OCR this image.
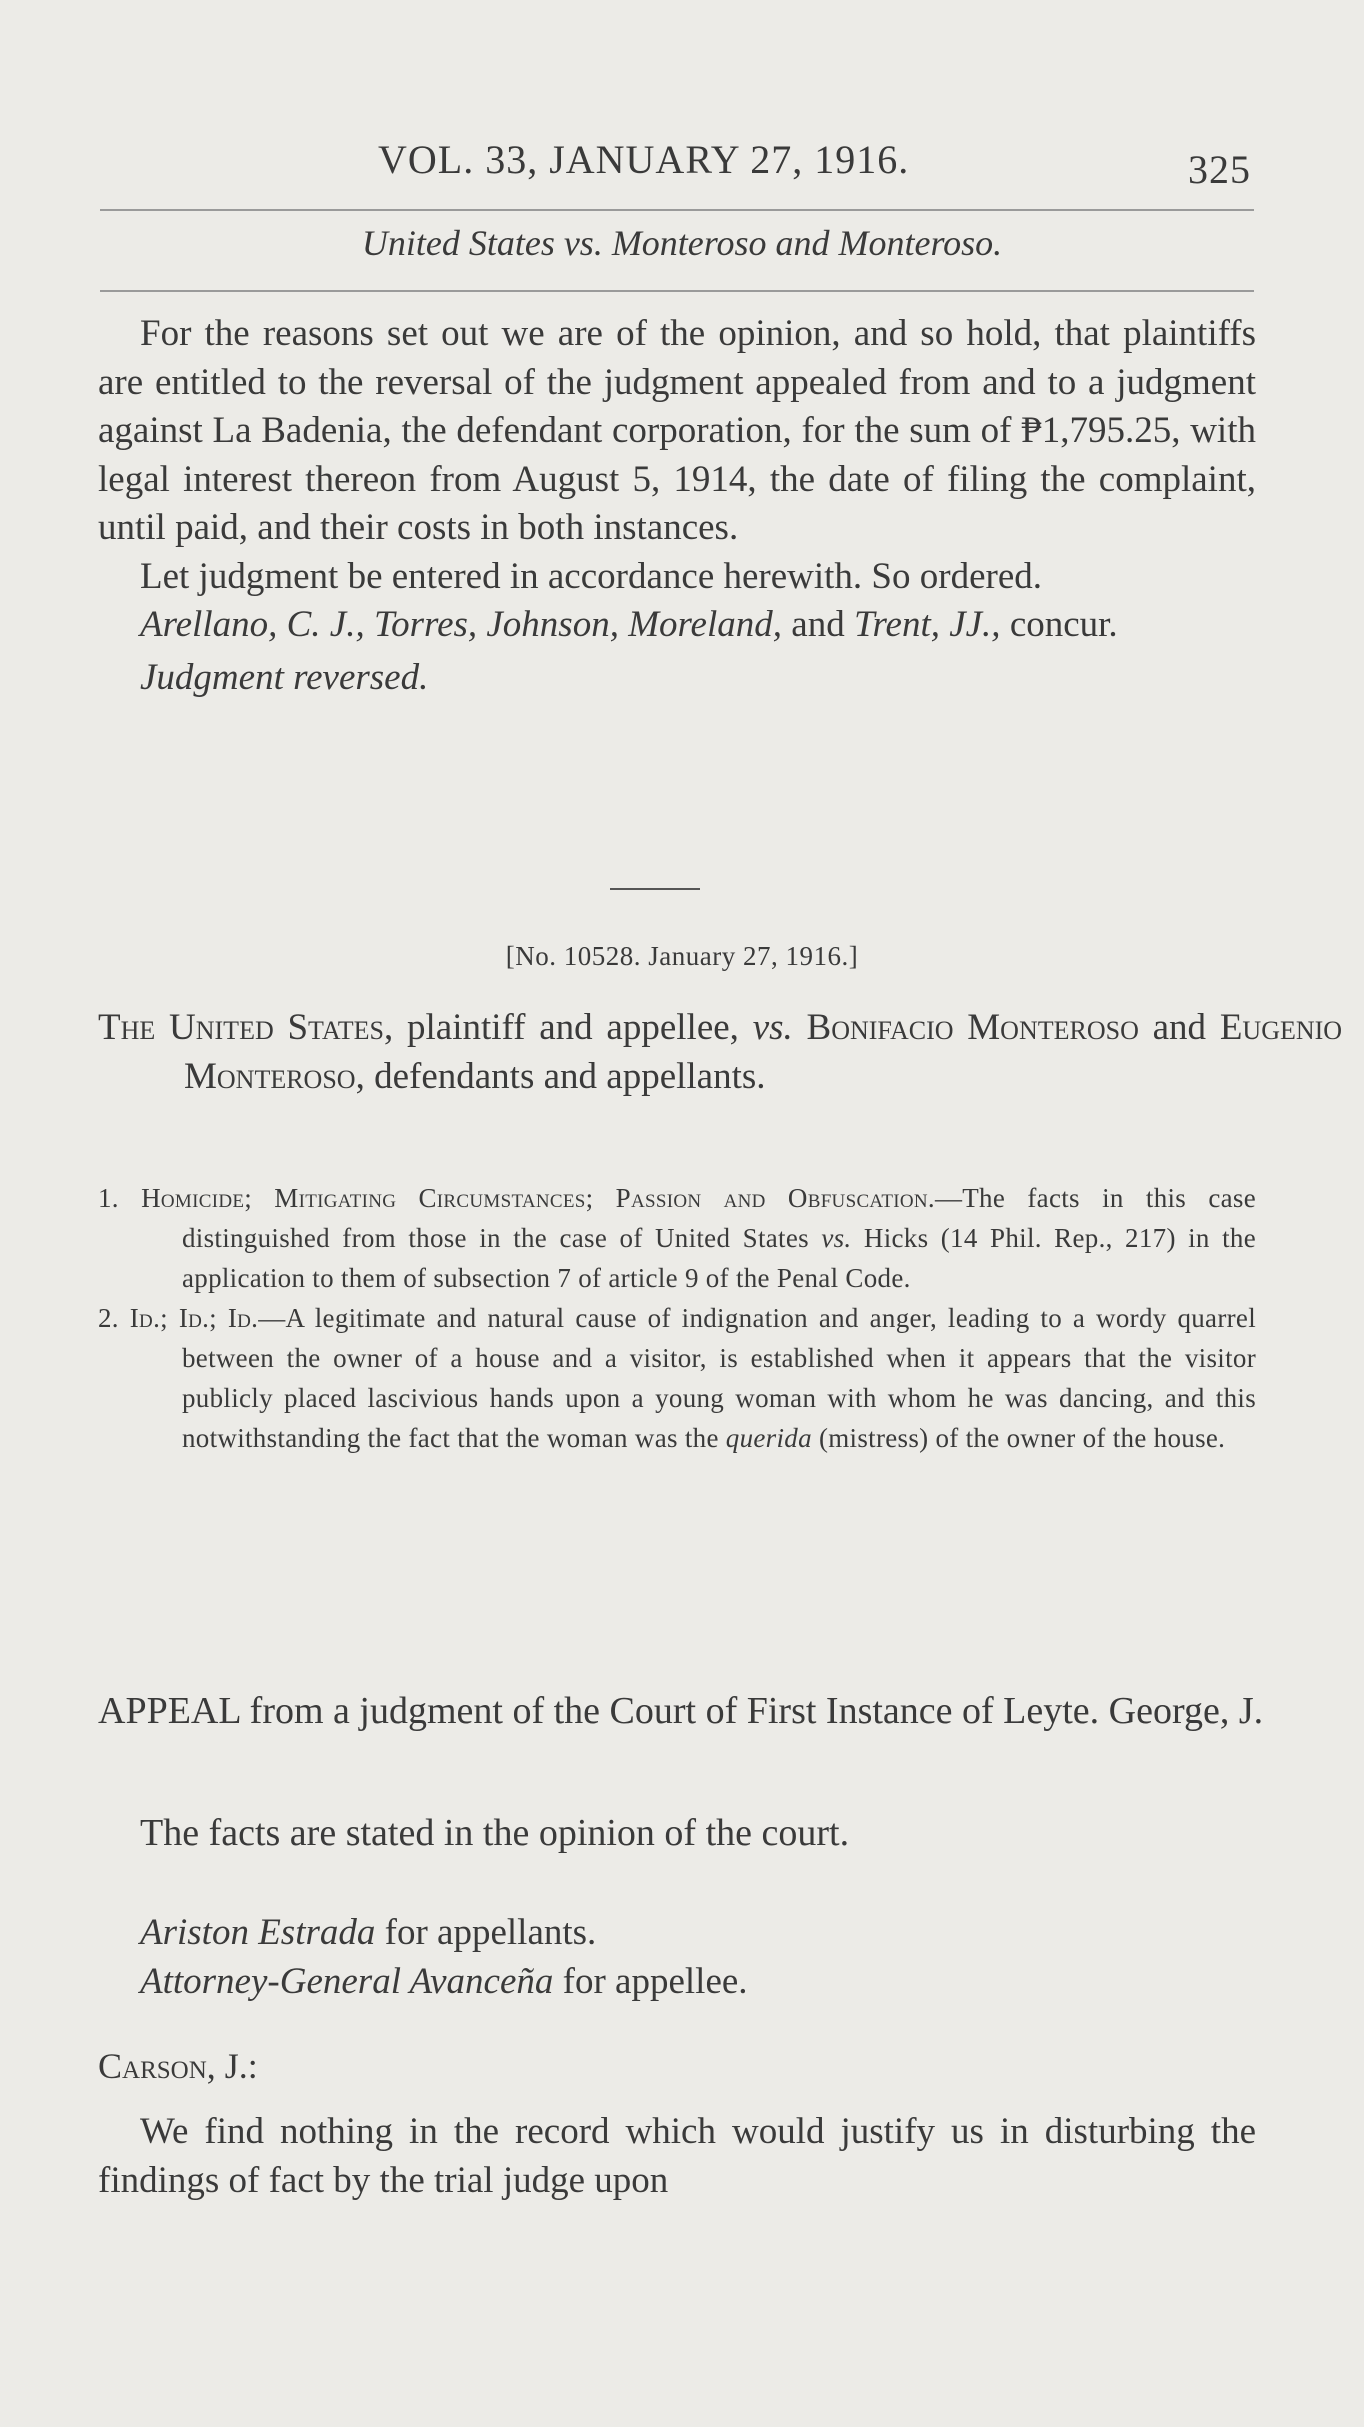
VOL. 33, JANUARY 27, 1916.	325
United States vs. Monteroso and Monteroso.

For the reasons set out we are of the opinion, and so hold, that plaintiffs are entitled to the reversal of the judgment appealed from and to a judgment against La Badenia, the defendant corporation, for the sum of ₱1,795.25, with legal interest thereon from August 5, 1914, the date of filing the complaint, until paid, and their costs in both instances.

Let judgment be entered in accordance herewith. So ordered.

Arellano, C. J., Torres, Johnson, Moreland, and Trent, JJ., concur.

Judgment reversed.

[No. 10528. January 27, 1916.]
The United States, plaintiff and appellee, vs. Bonifacio Monteroso and Eugenio Monteroso, defendants and appellants.

1. Homicide; Mitigating Circumstances; Passion and Obfuscation.—The facts in this case distinguished from those in the case of United States vs. Hicks (14 Phil. Rep., 217) in the application to them of subsection 7 of article 9 of the Penal Code.

2. Id.; Id.; Id.—A legitimate and natural cause of indignation and anger, leading to a wordy quarrel between the owner of a house and a visitor, is established when it appears that the visitor publicly placed lascivious hands upon a young woman with whom he was dancing, and this notwithstanding the fact that the woman was the querida (mistress) of the owner of the house.

APPEAL from a judgment of the Court of First Instance of Leyte. George, J.
The facts are stated in the opinion of the court.
Ariston Estrada for appellants.
Attorney-General Avanceña for appellee.
Carson, J.:
We find nothing in the record which would justify us in disturbing the findings of fact by the trial judge upon
